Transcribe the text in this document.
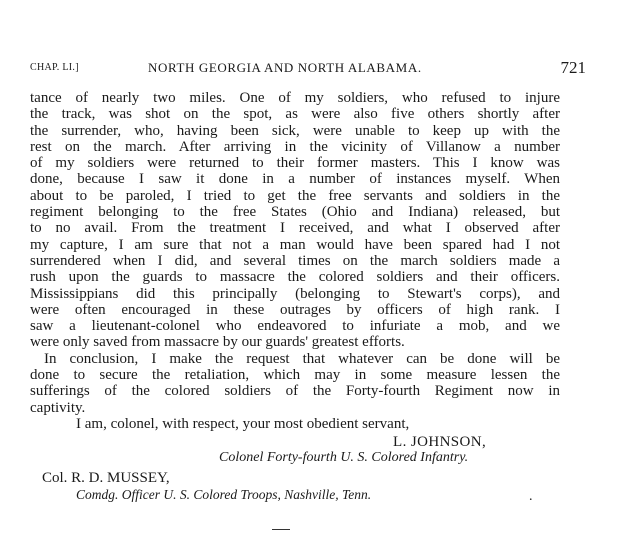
CHAP. LI.]	NORTH GEORGIA AND NORTH ALABAMA.	721
tance of nearly two miles. One of my soldiers, who refused to injure
the track, was shot on the spot, as were also five others shortly after
the surrender, who, having been sick, were unable to keep up with the
rest on the march. After arriving in the vicinity of Villanow a number
of my soldiers were returned to their former masters. This I know was
done, because I saw it done in a number of instances myself. When
about to be paroled, I tried to get the free servants and soldiers in the
regiment belonging to the free States (Ohio and Indiana) released, but
to no avail. From the treatment I received, and what I observed after
my capture, I am sure that not a man would have been spared had I not
surrendered when I did, and several times on the march soldiers made a
rush upon the guards to massacre the colored soldiers and their officers.
Mississippians did this principally (belonging to Stewart's corps), and
were often encouraged in these outrages by officers of high rank. I
saw a lieutenant-colonel who endeavored to infuriate a mob, and we
were only saved from massacre by our guards' greatest efforts.
In conclusion, I make the request that whatever can be done will be
done to secure the retaliation, which may in some measure lessen the
sufferings of the colored soldiers of the Forty-fourth Regiment now in
captivity.
I am, colonel, with respect, your most obedient servant,
L. JOHNSON,
Colonel Forty-fourth U. S. Colored Infantry.
Col. R. D. MUSSEY,
Comdg. Officer U. S. Colored Troops, Nashville, Tenn.	.
